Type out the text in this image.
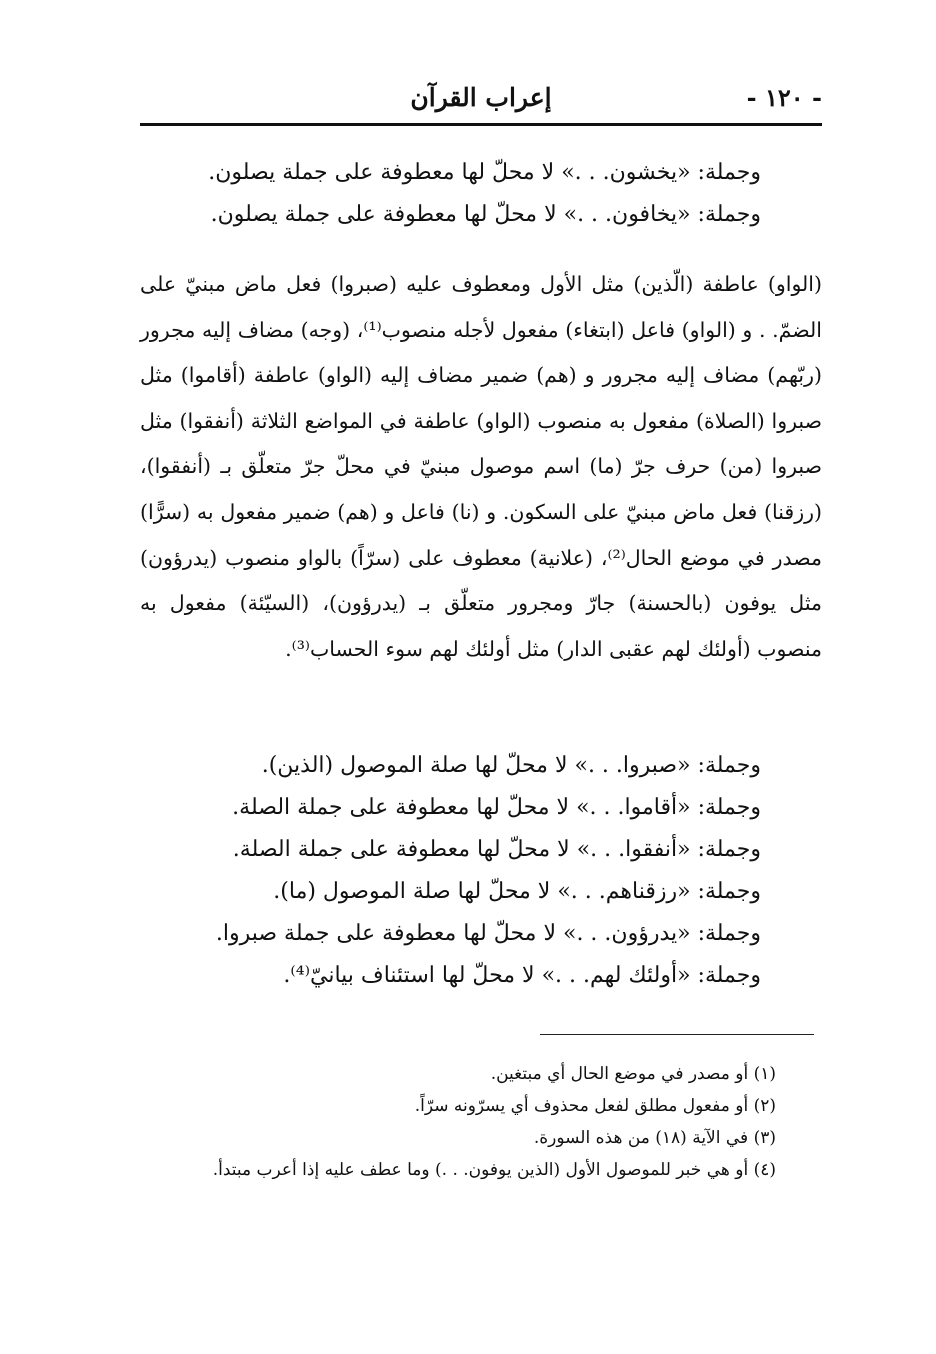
- ١٢٠ -
إعراب القرآن
وجملة: «يخشون. . .» لا محلّ لها معطوفة على جملة يصلون.
وجملة: «يخافون. . .» لا محلّ لها معطوفة على جملة يصلون.
(الواو) عاطفة (الّذين) مثل الأول ومعطوف عليه (صبروا) فعل ماض مبنيّ على الضمّ. . و (الواو) فاعل (ابتغاء) مفعول لأجله منصوب⁽¹⁾، (وجه) مضاف إليه مجرور (ربّهم) مضاف إليه مجرور و (هم) ضمير مضاف إليه (الواو) عاطفة (أقاموا) مثل صبروا (الصلاة) مفعول به منصوب (الواو) عاطفة في المواضع الثلاثة (أنفقوا) مثل صبروا (من) حرف جرّ (ما) اسم موصول مبنيّ في محلّ جرّ متعلّق بـ (أنفقوا)، (رزقنا) فعل ماض مبنيّ على السكون. و (نا) فاعل و (هم) ضمير مفعول به (سرًّا) مصدر في موضع الحال⁽²⁾، (علانية) معطوف على (سرّاً) بالواو منصوب (يدرؤون) مثل يوفون (بالحسنة) جارّ ومجرور متعلّق بـ (يدرؤون)، (السيّئة) مفعول به منصوب (أولئك لهم عقبى الدار) مثل أولئك لهم سوء الحساب⁽³⁾.
وجملة: «صبروا. . .» لا محلّ لها صلة الموصول (الذين).
وجملة: «أقاموا. . .» لا محلّ لها معطوفة على جملة الصلة.
وجملة: «أنفقوا. . .» لا محلّ لها معطوفة على جملة الصلة.
وجملة: «رزقناهم. . .» لا محلّ لها صلة الموصول (ما).
وجملة: «يدرؤون. . .» لا محلّ لها معطوفة على جملة صبروا.
وجملة: «أولئك لهم. . .» لا محلّ لها استئناف بيانيّ⁽⁴⁾.
(١) أو مصدر في موضع الحال أي مبتغين.
(٢) أو مفعول مطلق لفعل محذوف أي يسرّونه سرّاً.
(٣) في الآية (١٨) من هذه السورة.
(٤) أو هي خبر للموصول الأول (الذين يوفون. . .) وما عطف عليه إذا أعرب مبتدأ.
